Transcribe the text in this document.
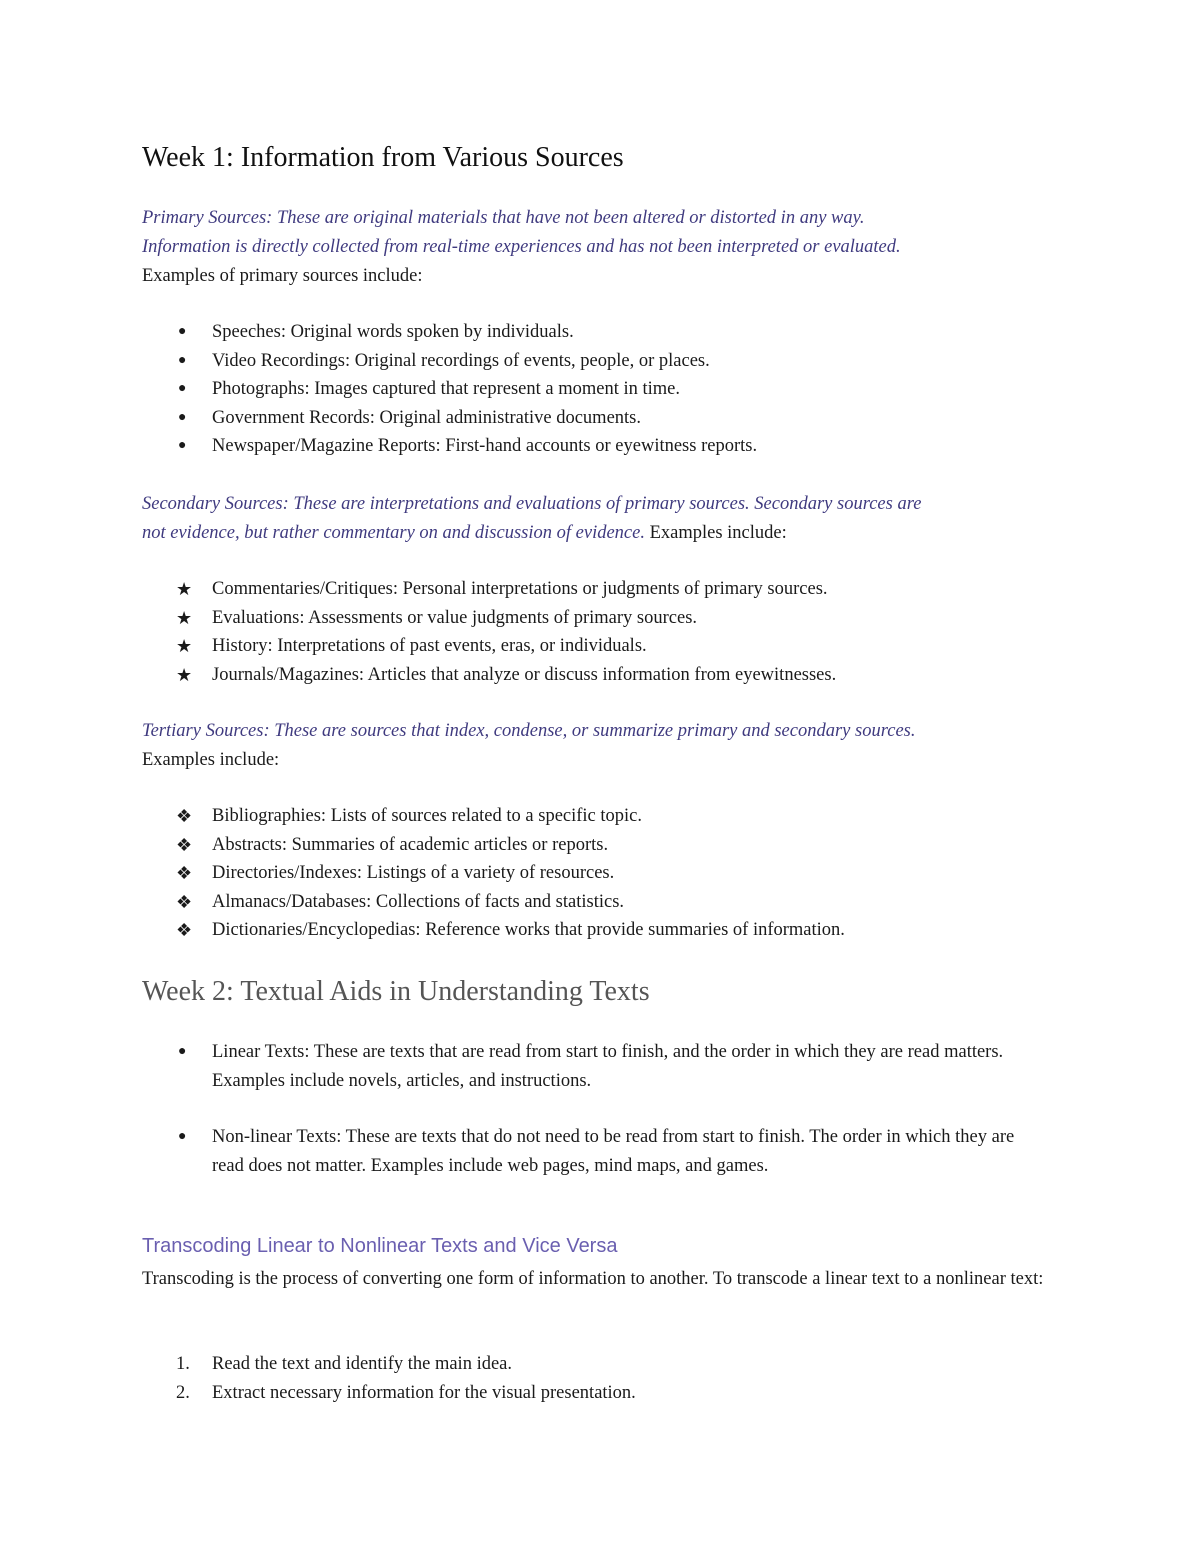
Week 1: Information from Various Sources

Primary Sources: These are original materials that have not been altered or distorted in any way.
Information is directly collected from real-time experiences and has not been interpreted or evaluated.
Examples of primary sources include:

●	Speeches: Original words spoken by individuals.
●	Video Recordings: Original recordings of events, people, or places.
●	Photographs: Images captured that represent a moment in time.
●	Government Records: Original administrative documents.
●	Newspaper/Magazine Reports: First-hand accounts or eyewitness reports.

Secondary Sources: These are interpretations and evaluations of primary sources. Secondary sources are
not evidence, but rather commentary on and discussion of evidence. Examples include:

★	Commentaries/Critiques: Personal interpretations or judgments of primary sources.
★	Evaluations: Assessments or value judgments of primary sources.
★	History: Interpretations of past events, eras, or individuals.
★	Journals/Magazines: Articles that analyze or discuss information from eyewitnesses.

Tertiary Sources: These are sources that index, condense, or summarize primary and secondary sources.
Examples include:

❖	Bibliographies: Lists of sources related to a specific topic.
❖	Abstracts: Summaries of academic articles or reports.
❖	Directories/Indexes: Listings of a variety of resources.
❖	Almanacs/Databases: Collections of facts and statistics.
❖	Dictionaries/Encyclopedias: Reference works that provide summaries of information.
Week 2: Textual Aids in Understanding Texts
●	Linear Texts: These are texts that are read from start to finish, and the order in which they are read matters. Examples include novels, articles, and instructions.
●	Non-linear Texts: These are texts that do not need to be read from start to finish. The order in which they are read does not matter. Examples include web pages, mind maps, and games.
Transcoding Linear to Nonlinear Texts and Vice Versa

Transcoding is the process of converting one form of information to another. To transcode a linear text to a nonlinear text:

1.	Read the text and identify the main idea.
2.	Extract necessary information for the visual presentation.
